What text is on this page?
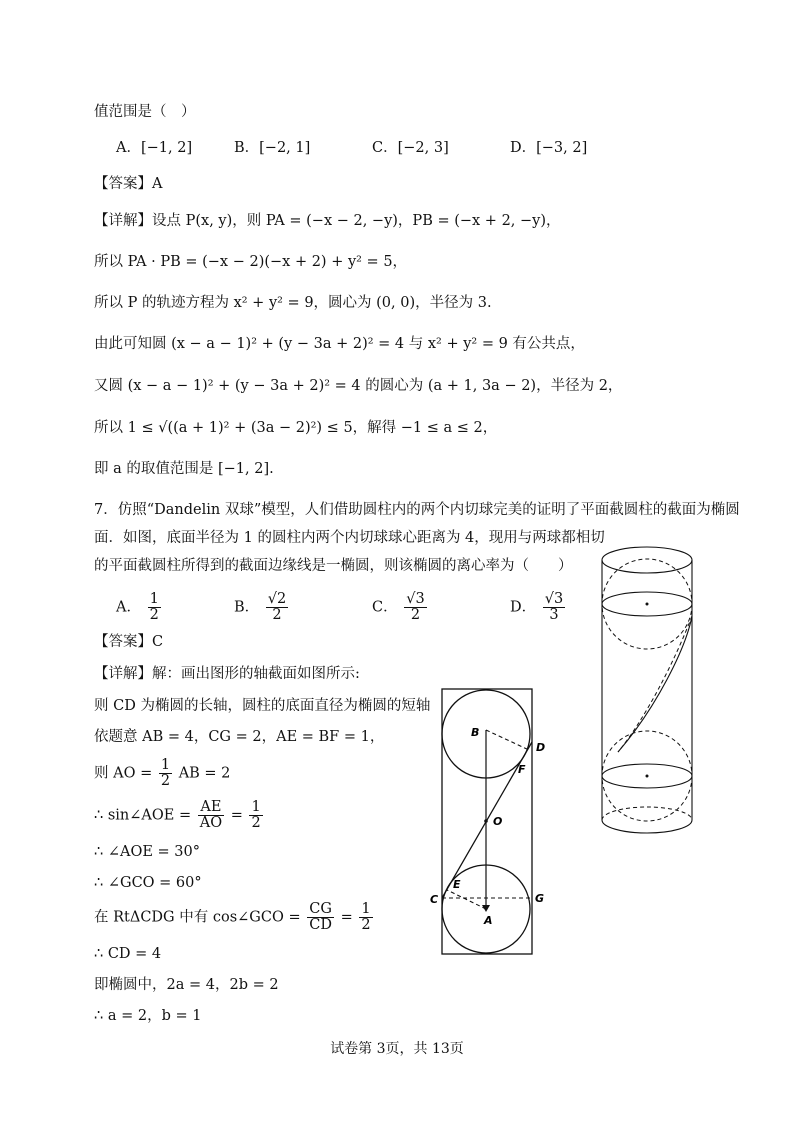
值范围是（　）
A．[−1, 2]	B．[−2, 1]	C．[−2, 3]	D．[−3, 2]
【答案】A
【详解】设点 P(x, y)，则 PA = (−x − 2, −y)，PB = (−x + 2, −y)，
所以 PA · PB = (−x − 2)(−x + 2) + y² = 5，
所以 P 的轨迹方程为 x² + y² = 9，圆心为 (0, 0)，半径为 3.
由此可知圆 (x − a − 1)² + (y − 3a + 2)² = 4 与 x² + y² = 9 有公共点，
又圆 (x − a − 1)² + (y − 3a + 2)² = 4 的圆心为 (a + 1, 3a − 2)，半径为 2，
所以 1 ≤ √((a + 1)² + (3a − 2)²) ≤ 5，解得 −1 ≤ a ≤ 2，
即 a 的取值范围是 [−1, 2].
7．仿照“Dandelin 双球”模型，人们借助圆柱内的两个内切球完美的证明了平面截圆柱的截面为椭圆
面．如图，底面半径为 1 的圆柱内两个内切球球心距离为 4，现用与两球都相切
的平面截圆柱所得到的截面边缘线是一椭圆，则该椭圆的离心率为（　　）
A． $\frac{1}{2}$	B． $\frac{√2}{2}$	C． $\frac{√3}{2}$	D． $\frac{√3}{3}$
【答案】C
【详解】解：画出图形的轴截面如图所示:
则 CD 为椭圆的长轴，圆柱的底面直径为椭圆的短轴
依题意 AB = 4，CG = 2，AE = BF = 1，
则 AO = $\frac{1}{2}$ AB = 2
∴ sin∠AOE = $\frac{AE}{AO} = \frac{1}{2}$
∴ ∠AOE = 30°
∴ ∠GCO = 60°
在 RtΔCDG 中有 cos∠GCO = $\frac{CG}{CD} = \frac{1}{2}$
∴ CD = 4
即椭圆中，2a = 4，2b = 2
∴ a = 2，b = 1
B
D
F
O
E
C	G
A
试卷第 3页，共 13页
